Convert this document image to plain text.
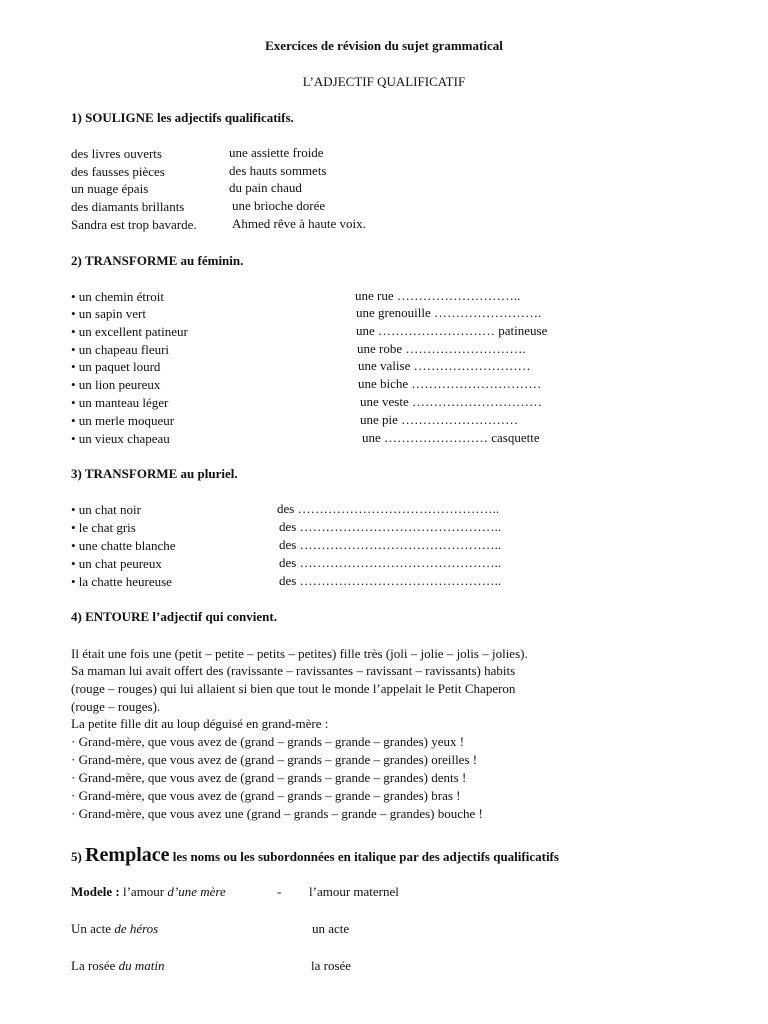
Exercices de révision du sujet grammatical
L’ADJECTIF QUALIFICATIF
1) SOULIGNE les adjectifs qualificatifs.
des livres ouverts	une assiette froide
des fausses pièces	des hauts sommets
un nuage épais	du pain chaud
des diamants brillants	une brioche dorée
Sandra est trop bavarde.	Ahmed rêve à haute voix.
2) TRANSFORME au féminin.
• un chemin étroit	une rue ………………………..
• un sapin vert	une grenouille …………………….
• un excellent patineur	une ……………………… patineuse
• un chapeau fleuri	une robe ……………………….
• un paquet lourd	une valise ………………………
• un lion peureux	une biche …………………………
• un manteau léger	une veste …………………………
• un merle moqueur	une pie ………………………
• un vieux chapeau	une …………………… casquette
3) TRANSFORME au pluriel.
• un chat noir	des ………………………………………..
• le chat gris	des ………………………………………..
• une chatte blanche	des ………………………………………..
• un chat peureux	des ………………………………………..
• la chatte heureuse	des ………………………………………..
4) ENTOURE l’adjectif qui convient.
Il était une fois une (petit – petite – petits – petites) fille très (joli – jolie – jolis – jolies).
Sa maman lui avait offert des (ravissante – ravissantes – ravissant – ravissants) habits
(rouge – rouges) qui lui allaient si bien que tout le monde l’appelait le Petit Chaperon
(rouge – rouges).
La petite fille dit au loup déguisé en grand-mère :
· Grand-mère, que vous avez de (grand – grands – grande – grandes) yeux !
· Grand-mère, que vous avez de (grand – grands – grande – grandes) oreilles !
· Grand-mère, que vous avez de (grand – grands – grande – grandes) dents !
· Grand-mère, que vous avez de (grand – grands – grande – grandes) bras !
· Grand-mère, que vous avez une (grand – grands – grande – grandes) bouche !
5) Remplace les noms ou les subordonnées en italique par des adjectifs qualificatifs
Modele : l’amour d’une mère	- l’amour maternel
Un acte de héros	un acte
La rosée du matin	la rosée
